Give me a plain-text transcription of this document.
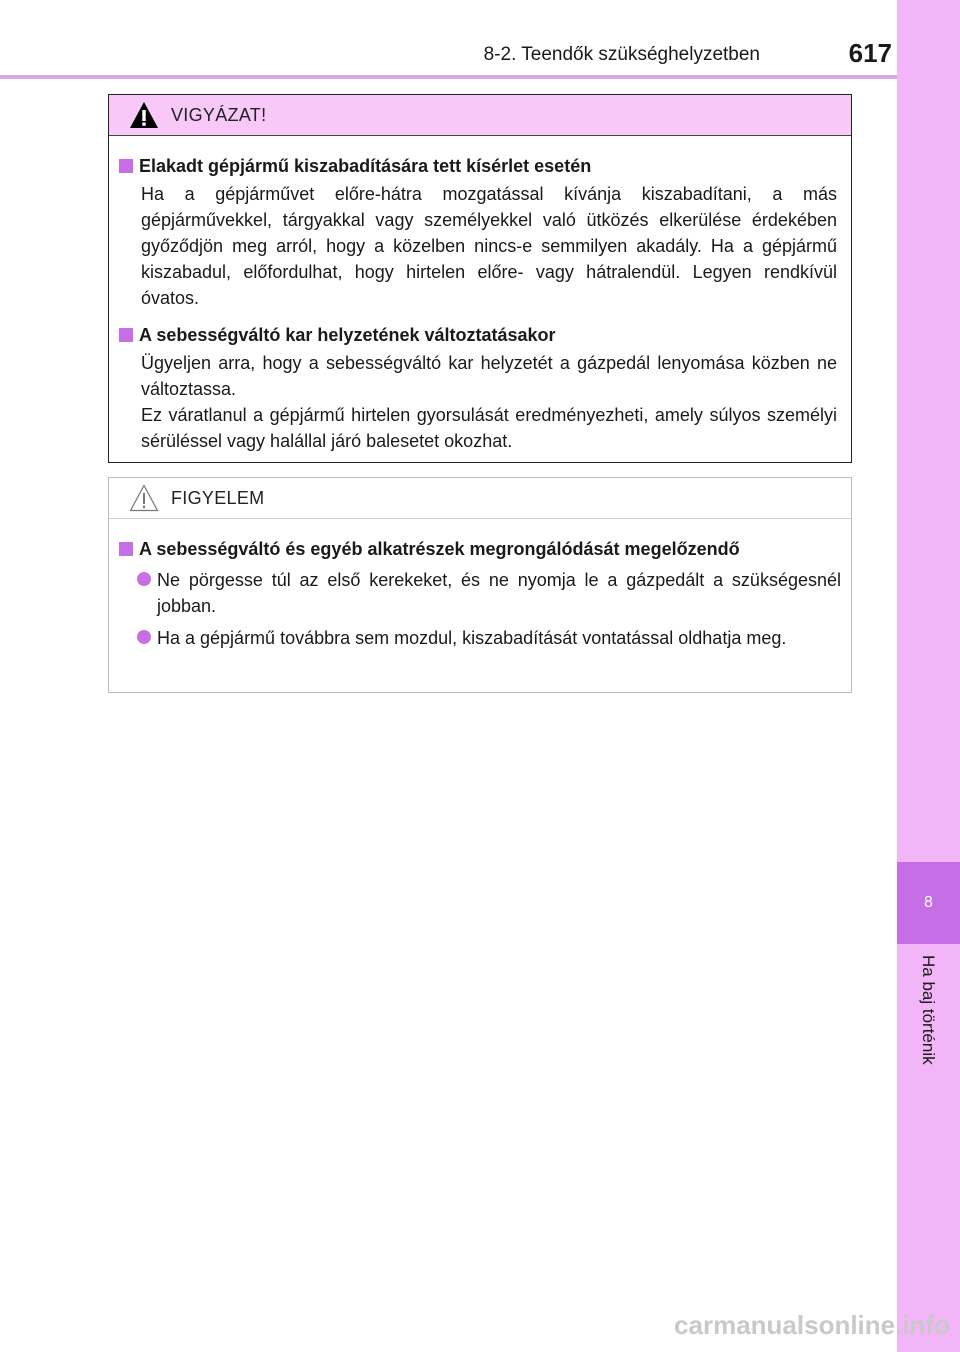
8-2. Teendők szükséghelyzetben	617
8
Ha baj történik
VIGYÁZAT!
Elakadt gépjármű kiszabadítására tett kísérlet esetén
Ha a gépjárművet előre-hátra mozgatással kívánja kiszabadítani, a más gépjárművekkel, tárgyakkal vagy személyekkel való ütközés elkerülése érdekében győződjön meg arról, hogy a közelben nincs-e semmilyen akadály. Ha a gépjármű kiszabadul, előfordulhat, hogy hirtelen előre- vagy hátralendül. Legyen rendkívül óvatos.
A sebességváltó kar helyzetének változtatásakor
Ügyeljen arra, hogy a sebességváltó kar helyzetét a gázpedál lenyomása közben ne változtassa.
Ez váratlanul a gépjármű hirtelen gyorsulását eredményezheti, amely súlyos személyi sérüléssel vagy halállal járó balesetet okozhat.
FIGYELEM
A sebességváltó és egyéb alkatrészek megrongálódását megelőzendő
Ne pörgesse túl az első kerekeket, és ne nyomja le a gázpedált a szükségesnél jobban.
Ha a gépjármű továbbra sem mozdul, kiszabadítását vontatással oldhatja meg.
carmanualsonline.info
